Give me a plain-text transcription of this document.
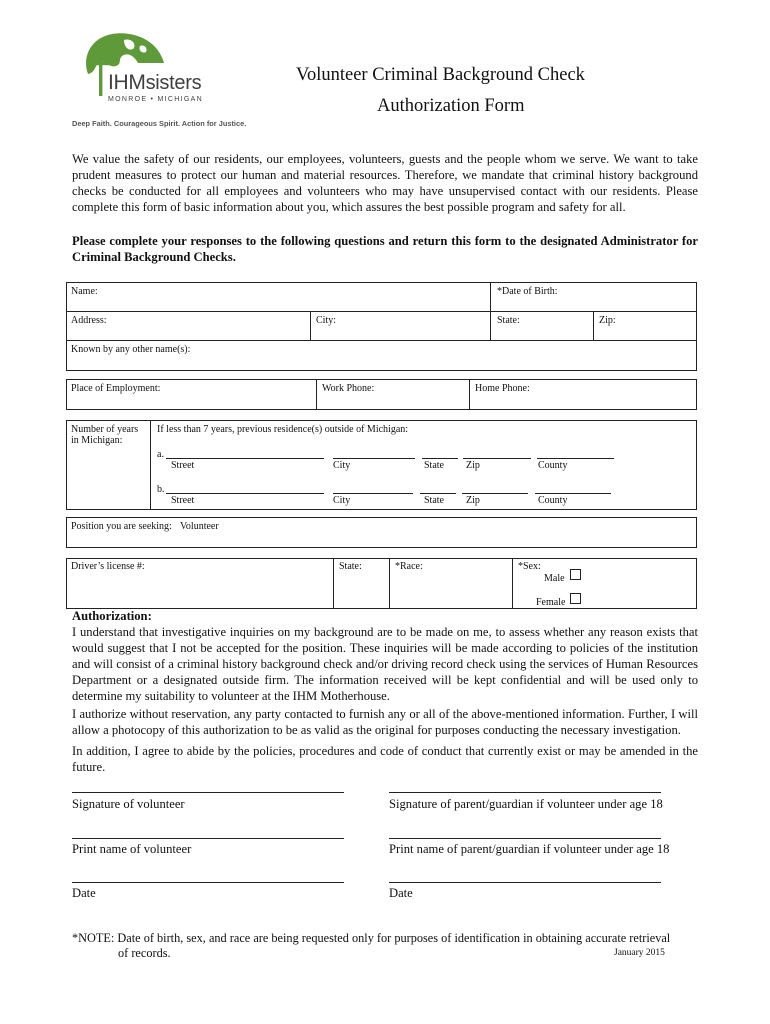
IHMsisters
MONROE • MICHIGAN
Deep Faith. Courageous Spirit. Action for Justice.
Volunteer Criminal Background Check
Authorization Form
We value the safety of our residents, our employees, volunteers, guests and the people whom we serve. We want to take prudent measures to protect our human and material resources. Therefore, we mandate that criminal history background checks be conducted for all employees and volunteers who may have unsupervised contact with our residents. Please complete this form of basic information about you, which assures the best possible program and safety for all.
Please complete your responses to the following questions and return this form to the designated Administrator for Criminal Background Checks.
Name:	*Date of Birth:
Address:	City:	State:	Zip:
Known by any other name(s):
Place of Employment:	Work Phone:	Home Phone:
Number of years
in Michigan:
If less than 7 years, previous residence(s) outside of Michigan:
a.
Street	City	State Zip	County
b.
Street	City	State Zip	County
Position you are seeking: Volunteer
Driver’s license #:	State:	*Race:	*Sex:
Male
Female
Authorization:
I understand that investigative inquiries on my background are to be made on me, to assess whether any reason exists that would suggest that I not be accepted for the position. These inquiries will be made according to policies of the institution and will consist of a criminal history background check and/or driving record check using the services of Human Resources Department or a designated outside firm. The information received will be kept confidential and will be used only to determine my suitability to volunteer at the IHM Motherhouse.
I authorize without reservation, any party contacted to furnish any or all of the above-mentioned information. Further, I will allow a photocopy of this authorization to be as valid as the original for purposes conducting the necessary investigation.
In addition, I agree to abide by the policies, procedures and code of conduct that currently exist or may be amended in the future.
Signature of volunteer	Signature of parent/guardian if volunteer under age 18
Print name of volunteer	Print name of parent/guardian if volunteer under age 18
Date	Date
*NOTE: Date of birth, sex, and race are being requested only for purposes of identification in obtaining accurate retrieval
of records.	January 2015
